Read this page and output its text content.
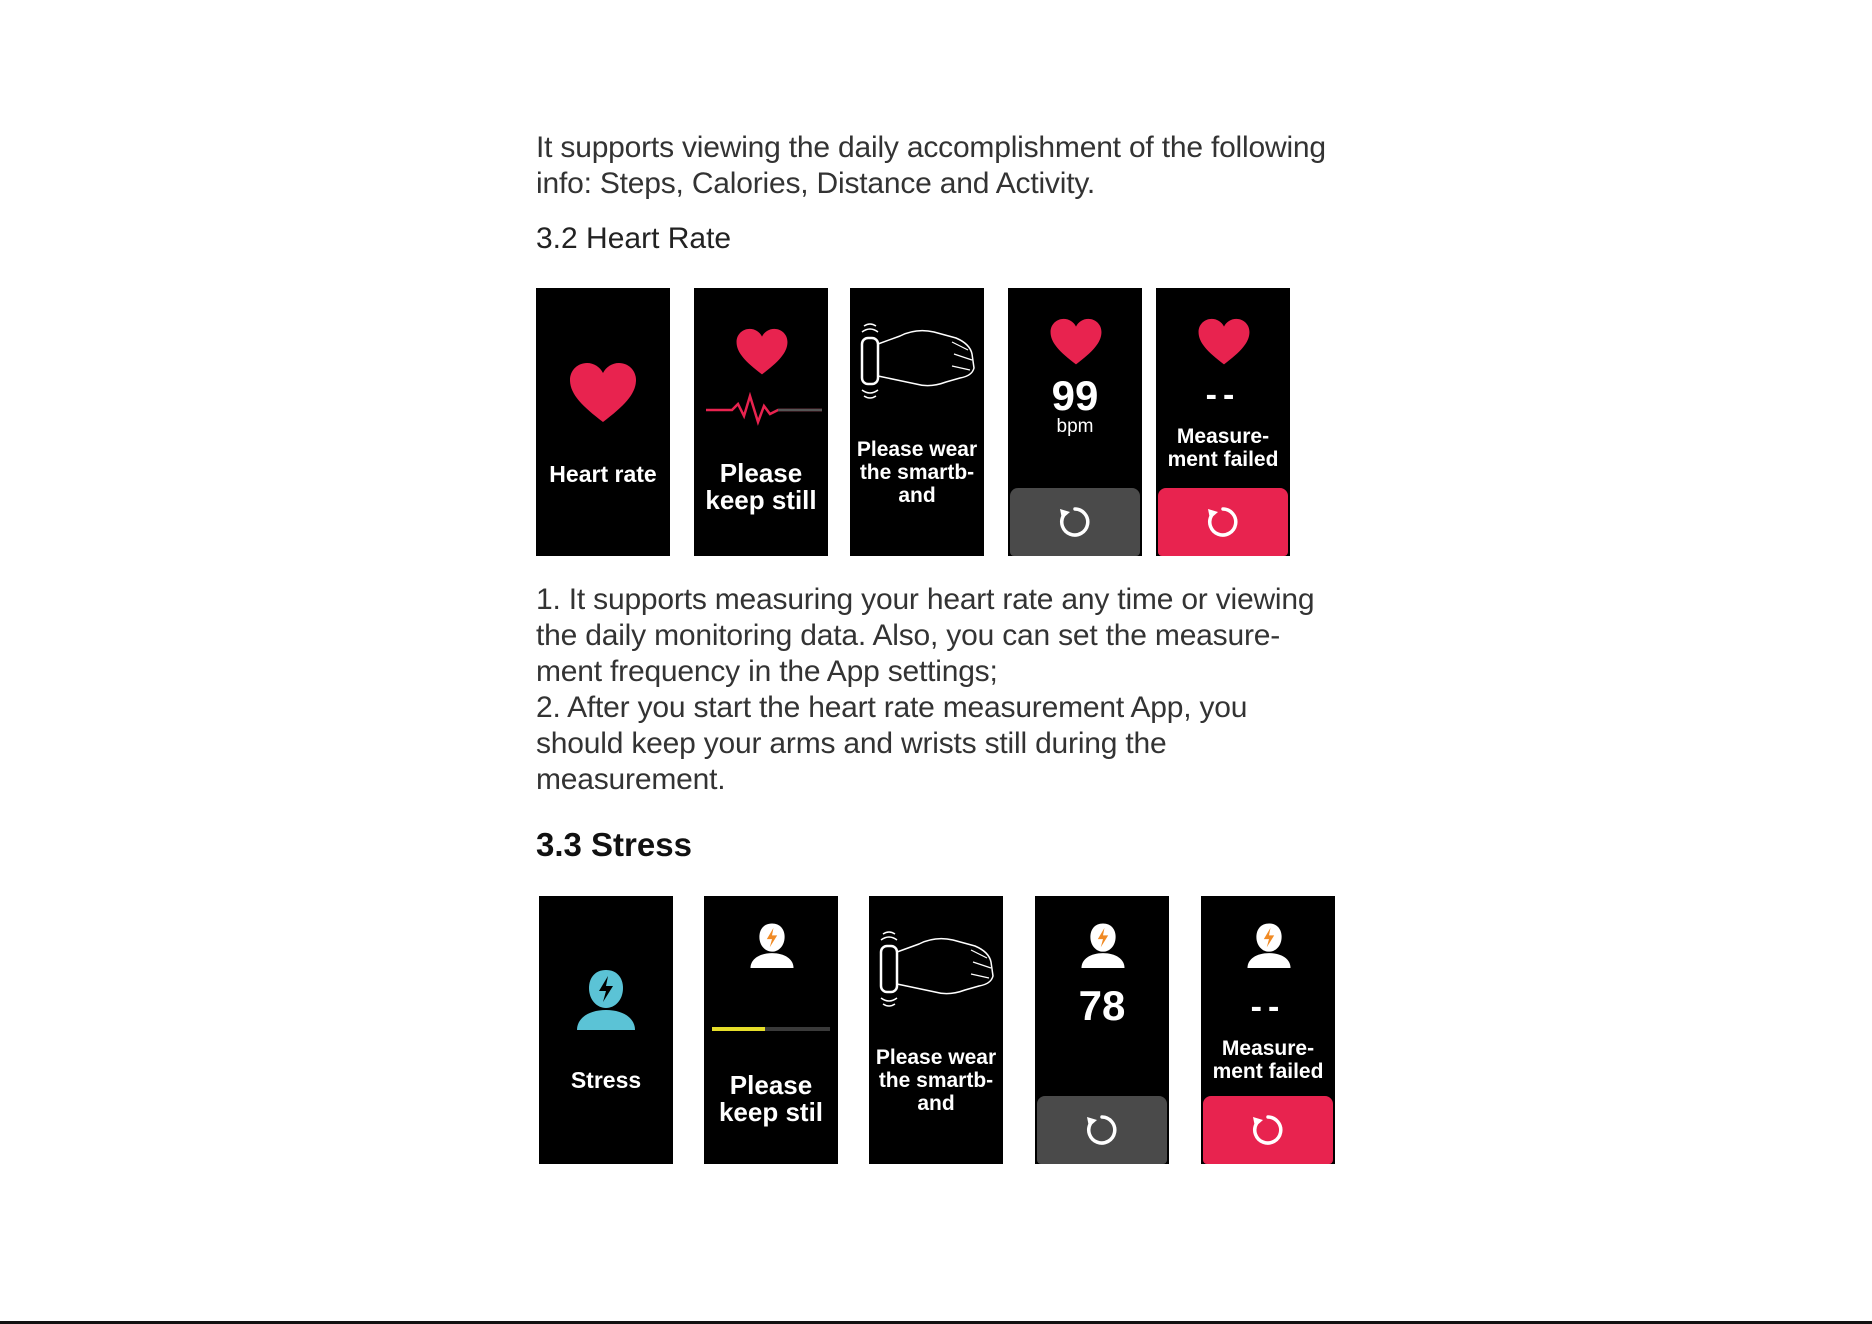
It supports viewing the daily accomplishment of the following

info: Steps, Calories, Distance and Activity.

3.2 Heart Rate
Heart rate	Please
keep still
Please wear
the smartb-
and
99
bpm
--
Measure-
ment failed

1. It supports measuring your heart rate any time or viewing

the daily monitoring data. Also, you can set the measure-

ment frequency in the App settings;

2. After you start the heart rate measurement App, you

should keep your arms and wrists still during the

measurement.

3.3 Stress
Stress	Please
keep stil
Please wear
the smartb-
and
78	--
Measure-
ment failed
